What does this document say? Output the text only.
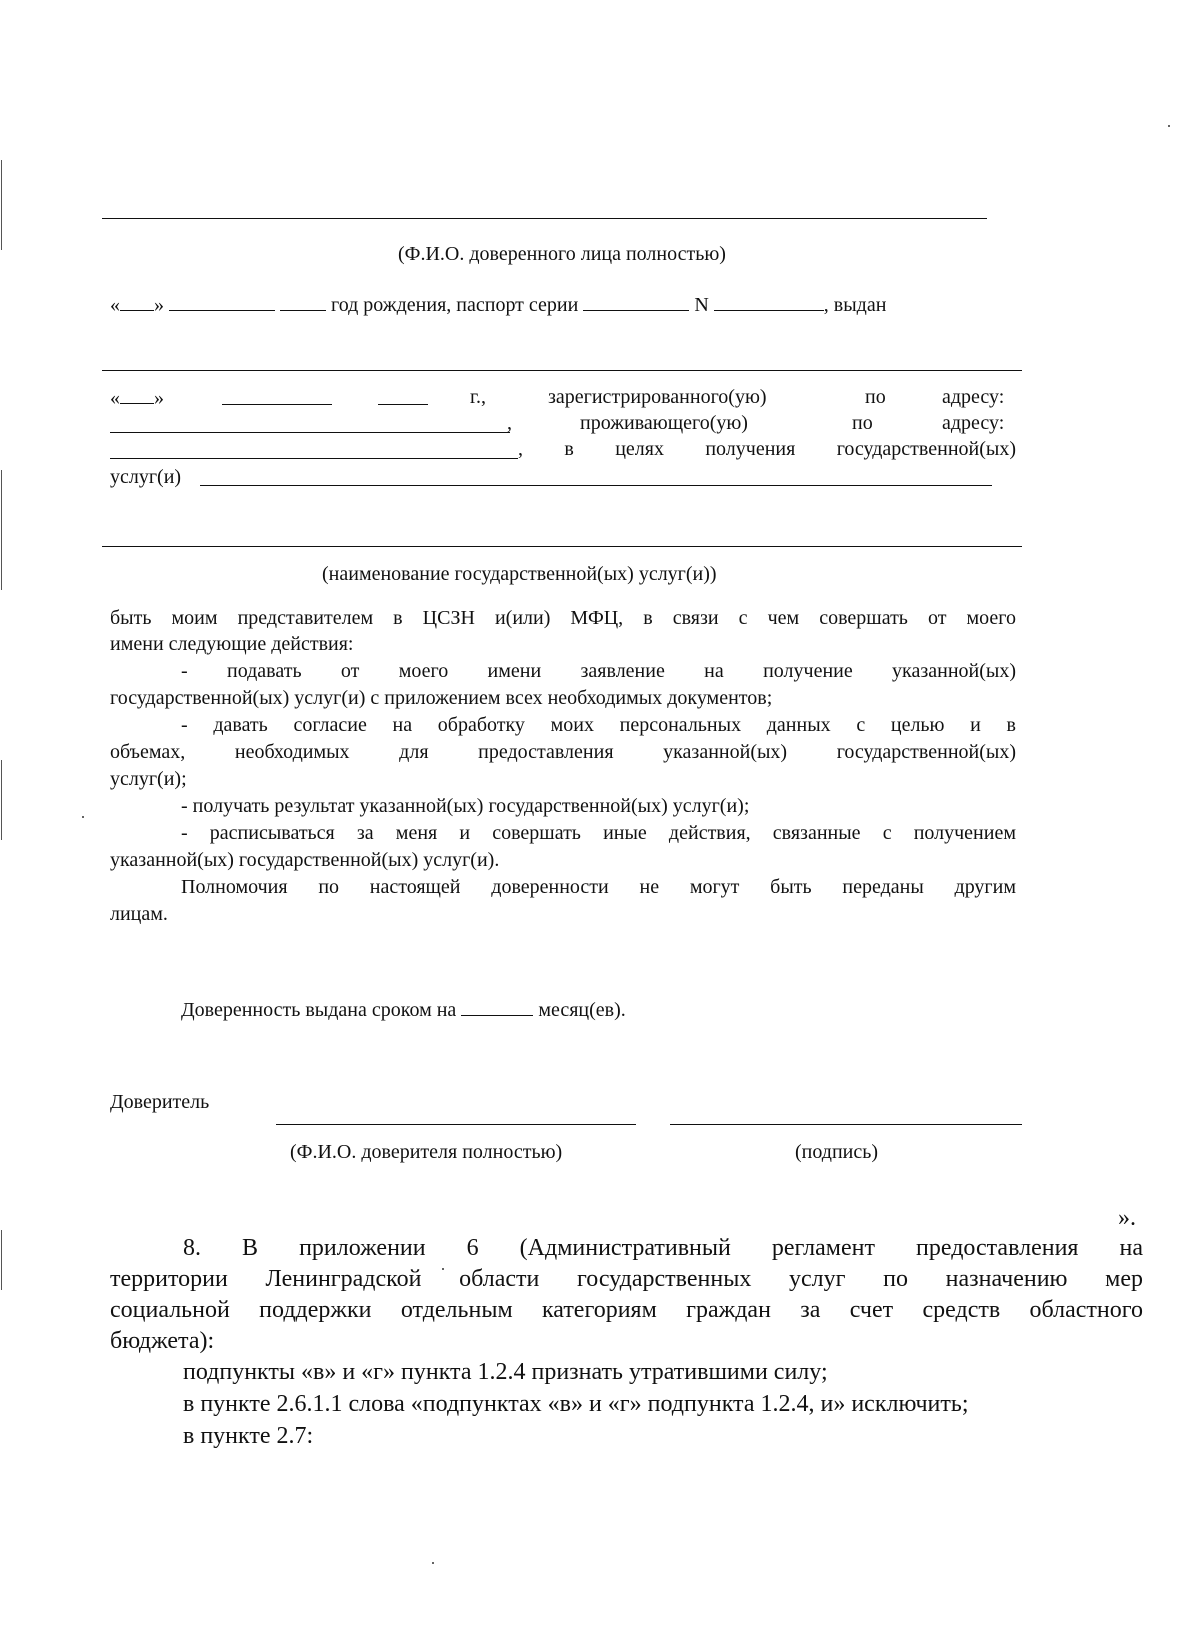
(Ф.И.О. доверенного лица полностью)
« »	год рождения, паспорт серии	N	, выдан
« »	г.,	зарегистрированного(ую)	по	адресу:
,	проживающего(ую)	по	адресу:
, в целях получения государственной(ых)
услуг(и)
(наименование государственной(ых) услуг(и))
быть моим представителем в ЦСЗН и(или) МФЦ, в связи с чем совершать от моего
имени следующие действия:
- подавать от моего имени заявление на получение указанной(ых)
государственной(ых) услуг(и) с приложением всех необходимых документов;
- давать согласие на обработку моих персональных данных с целью и в
объемах, необходимых для предоставления указанной(ых) государственной(ых)
услуг(и);
- получать результат указанной(ых) государственной(ых) услуг(и);
- расписываться за меня и совершать иные действия, связанные с получением
указанной(ых) государственной(ых) услуг(и).
Полномочия по настоящей доверенности не могут быть переданы другим
лицам.
Доверенность выдана сроком на	месяц(ев).
Доверитель
(Ф.И.О. доверителя полностью)	(подпись)
».
8. В приложении 6 (Административный регламент предоставления на
территории Ленинградской области государственных услуг по назначению мер
социальной поддержки отдельным категориям граждан за счет средств областного
бюджета):
подпункты «в» и «г» пункта 1.2.4 признать утратившими силу;
в пункте 2.6.1.1 слова «подпунктах «в» и «г» подпункта 1.2.4, и» исключить;
в пункте 2.7:
